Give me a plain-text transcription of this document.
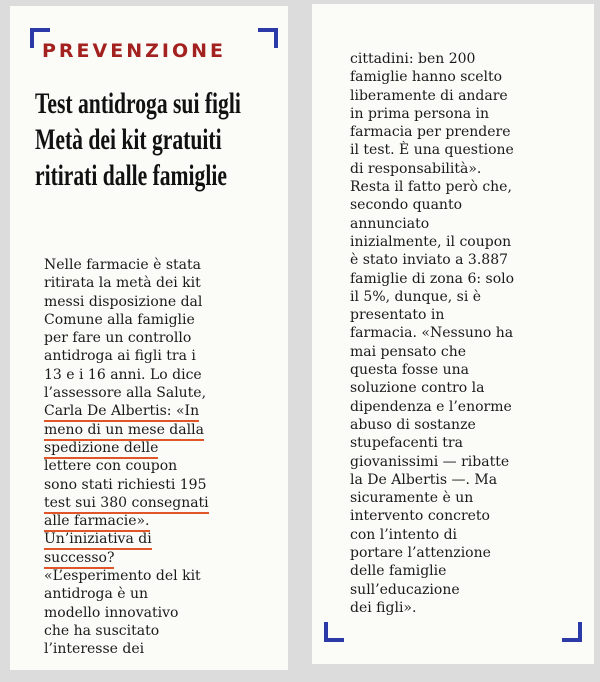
PREVENZIONE
Test antidroga sui figli
Metà dei kit gratuiti
ritirati dalle famiglie
Nelle farmacie è stata
ritirata la metà dei kit
messi disposizione dal
Comune alla famiglie
per fare un controllo
antidroga ai figli tra i
13 e i 16 anni. Lo dice
l’assessore alla Salute,
Carla De Albertis: «In
meno di un mese dalla
spedizione delle
lettere con coupon
sono stati richiesti 195
test sui 380 consegnati
alle farmacie».
Un’iniziativa di
successo?
«L’esperimento del kit
antidroga è un
modello innovativo
che ha suscitato
l’interesse dei
cittadini: ben 200
famiglie hanno scelto
liberamente di andare
in prima persona in
farmacia per prendere
il test. È una questione
di responsabilità».
Resta il fatto però che,
secondo quanto
annunciato
inizialmente, il coupon
è stato inviato a 3.887
famiglie di zona 6: solo
il 5%, dunque, si è
presentato in
farmacia. «Nessuno ha
mai pensato che
questa fosse una
soluzione contro la
dipendenza e l’enorme
abuso di sostanze
stupefacenti tra
giovanissimi — ribatte
la De Albertis —. Ma
sicuramente è un
intervento concreto
con l’intento di
portare l’attenzione
delle famiglie
sull’educazione
dei figli».
